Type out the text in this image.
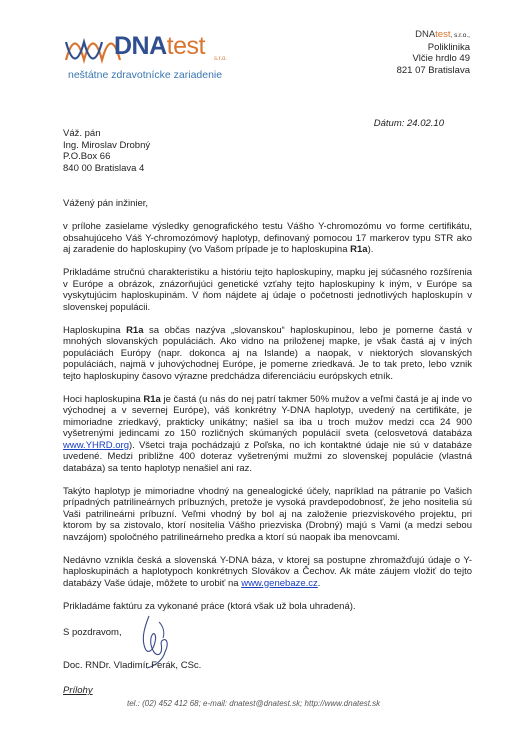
DNAtest s.r.o.
neštátne zdravotnícke zariadenie
DNAtest, s.r.o.,
Poliklinika
Vlčie hrdlo 49
821 07 Bratislava
Dátum: 24.02.10
Váž. pán
Ing. Miroslav Drobný
P.O.Box 66
840 00 Bratislava 4

Vážený pán inžinier,

v prílohe zasielame výsledky genografického testu Vášho Y-chromozómu vo forme certifikátu, obsahujúceho Váš Y-chromozómový haplotyp, definovaný pomocou 17 markerov typu STR ako aj zaradenie do haploskupiny (vo Vašom prípade je to haploskupina R1a).

Prikladáme stručnú charakteristiku a históriu tejto haploskupiny, mapku jej súčasného rozšírenia v Európe a obrázok, znázorňujúci genetické vzťahy tejto haploskupiny k iným, v Európe sa vyskytujúcim haploskupinám. V ňom nájdete aj údaje o početnosti jednotlivých haploskupín v slovenskej populácii.

Haploskupina R1a sa občas nazýva „slovanskou“ haploskupinou, lebo je pomerne častá v mnohých slovanských populáciách. Ako vidno na priloženej mapke, je však častá aj v iných populáciách Európy (napr. dokonca aj na Islande) a naopak, v niektorých slovanských populáciách, najmä v juhovýchodnej Európe, je pomerne zriedkavá. Je to tak preto, lebo vznik tejto haploskupiny časovo výrazne predchádza diferenciáciu európskych etník.

Hoci haploskupina R1a je častá (u nás do nej patrí takmer 50% mužov a veľmi častá je aj inde vo východnej a v severnej Európe), váš konkrétny Y-DNA haplotyp, uvedený na certifikáte, je mimoriadne zriedkavý, prakticky unikátny; našiel sa iba u troch mužov medzi cca 24 900 vyšetrenými jedincami zo 150 rozličných skúmaných populácií sveta (celosvetová databáza www.YHRD.org). Všetci traja pochádzajú z Poľska, no ich kontaktné údaje nie sú v databáze uvedené. Medzi približne 400 doteraz vyšetrenými mužmi zo slovenskej populácie (vlastná databáza) sa tento haplotyp nenašiel ani raz.

Takýto haplotyp je mimoriadne vhodný na genealogické účely, napríklad na pátranie po Vašich prípadných patrilineárnych príbuzných, pretože je vysoká pravdepodobnosť, že jeho nositelia sú Vaši patrilineárni príbuzní. Veľmi vhodný by bol aj na založenie priezviskového projektu, pri ktorom by sa zistovalo, ktorí nositelia Vášho priezviska (Drobný) majú s Vami (a medzi sebou navzájom) spoločného patrilineárneho predka a ktorí sú naopak iba menovcami.

Nedávno vznikla česká a slovenská Y-DNA báza, v ktorej sa postupne zhromažďujú údaje o Y-haploskupinách a haplotypoch konkrétnych Slovákov a Čechov. Ak máte záujem vložiť do tejto databázy Vaše údaje, môžete to urobiť na www.genebaze.cz.

Prikladáme faktúru za vykonané práce (ktorá však už bola uhradená).

S pozdravom,
Doc. RNDr. Vladimír Ferák, CSc.
Prílohy
tel.: (02) 452 412 68; e-mail: dnatest@dnatest.sk; http://www.dnatest.sk
